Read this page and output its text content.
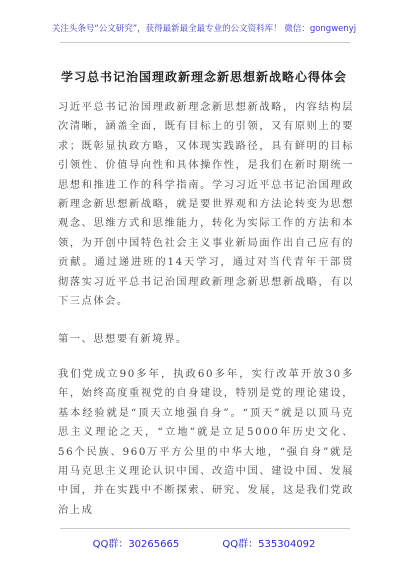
关注头条号“公文研究”，获得最新最全最专业的公文资料库！ 微信：gongwenyj
学习总书记治国理政新理念新思想新战略心得体会

习近平总书记治国理政新理念新思想新战略，内容结构层次清晰，涵盖全面，既有目标上的引领，又有原则上的要求；既彰显执政方略，又体现实践路径，具有鲜明的目标引领性、价值导向性和具体操作性，是我们在新时期统一思想和推进工作的科学指南。学习习近平总书记治国理政新理念新思想新战略，就是要世界观和方法论转变为思想观念、思维方式和思维能力，转化为实际工作的方法和本领，为开创中国特色社会主义事业新局面作出自己应有的贡献。通过递进班的14天学习，通过对当代青年干部贯彻落实习近平总书记治国理政新理念新思想新战略，有以下三点体会。

第一、思想要有新境界。

我们党成立90多年，执政60多年，实行改革开放30多年，始终高度重视党的自身建设，特别是党的理论建设，基本经验就是“顶天立地强自身”。“顶天”就是以顶马克思主义理论之天，“立地”就是立足5000年历史文化、56个民族、960万平方公里的中华大地，“强自身”就是用马克思主义理论认识中国、改造中国、建设中国、发展中国，并在实践中不断探索、研究、发展，这是我们党政治上成

QQ群：30265665	QQ群：535304092
